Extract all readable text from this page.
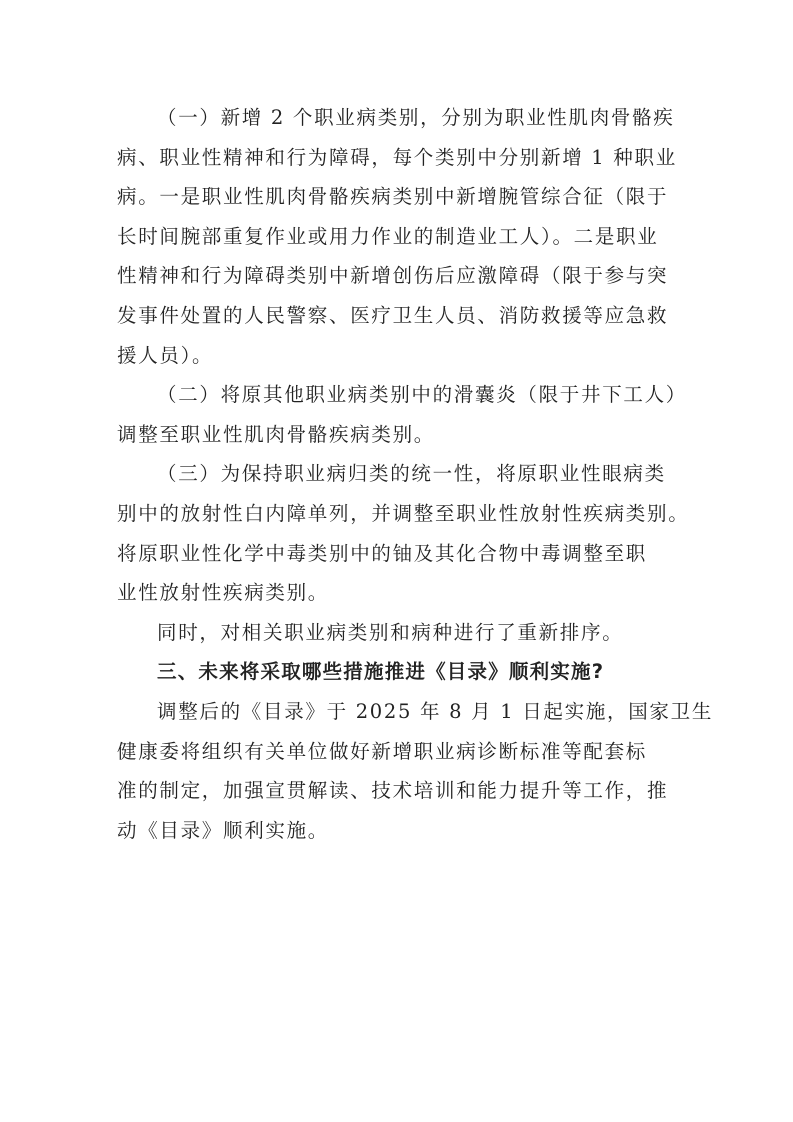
（一）新增 2 个职业病类别，分别为职业性肌肉骨骼疾
病、职业性精神和行为障碍，每个类别中分别新增 1 种职业
病。一是职业性肌肉骨骼疾病类别中新增腕管综合征（限于
长时间腕部重复作业或用力作业的制造业工人）。二是职业
性精神和行为障碍类别中新增创伤后应激障碍（限于参与突
发事件处置的人民警察、医疗卫生人员、消防救援等应急救
援人员）。
（二）将原其他职业病类别中的滑囊炎（限于井下工人）
调整至职业性肌肉骨骼疾病类别。
（三）为保持职业病归类的统一性，将原职业性眼病类
别中的放射性白内障单列，并调整至职业性放射性疾病类别。
将原职业性化学中毒类别中的铀及其化合物中毒调整至职
业性放射性疾病类别。
同时，对相关职业病类别和病种进行了重新排序。
三、未来将采取哪些措施推进《目录》顺利实施?
调整后的《目录》于 2025 年 8 月 1 日起实施，国家卫生
健康委将组织有关单位做好新增职业病诊断标准等配套标
准的制定，加强宣贯解读、技术培训和能力提升等工作，推
动《目录》顺利实施。
